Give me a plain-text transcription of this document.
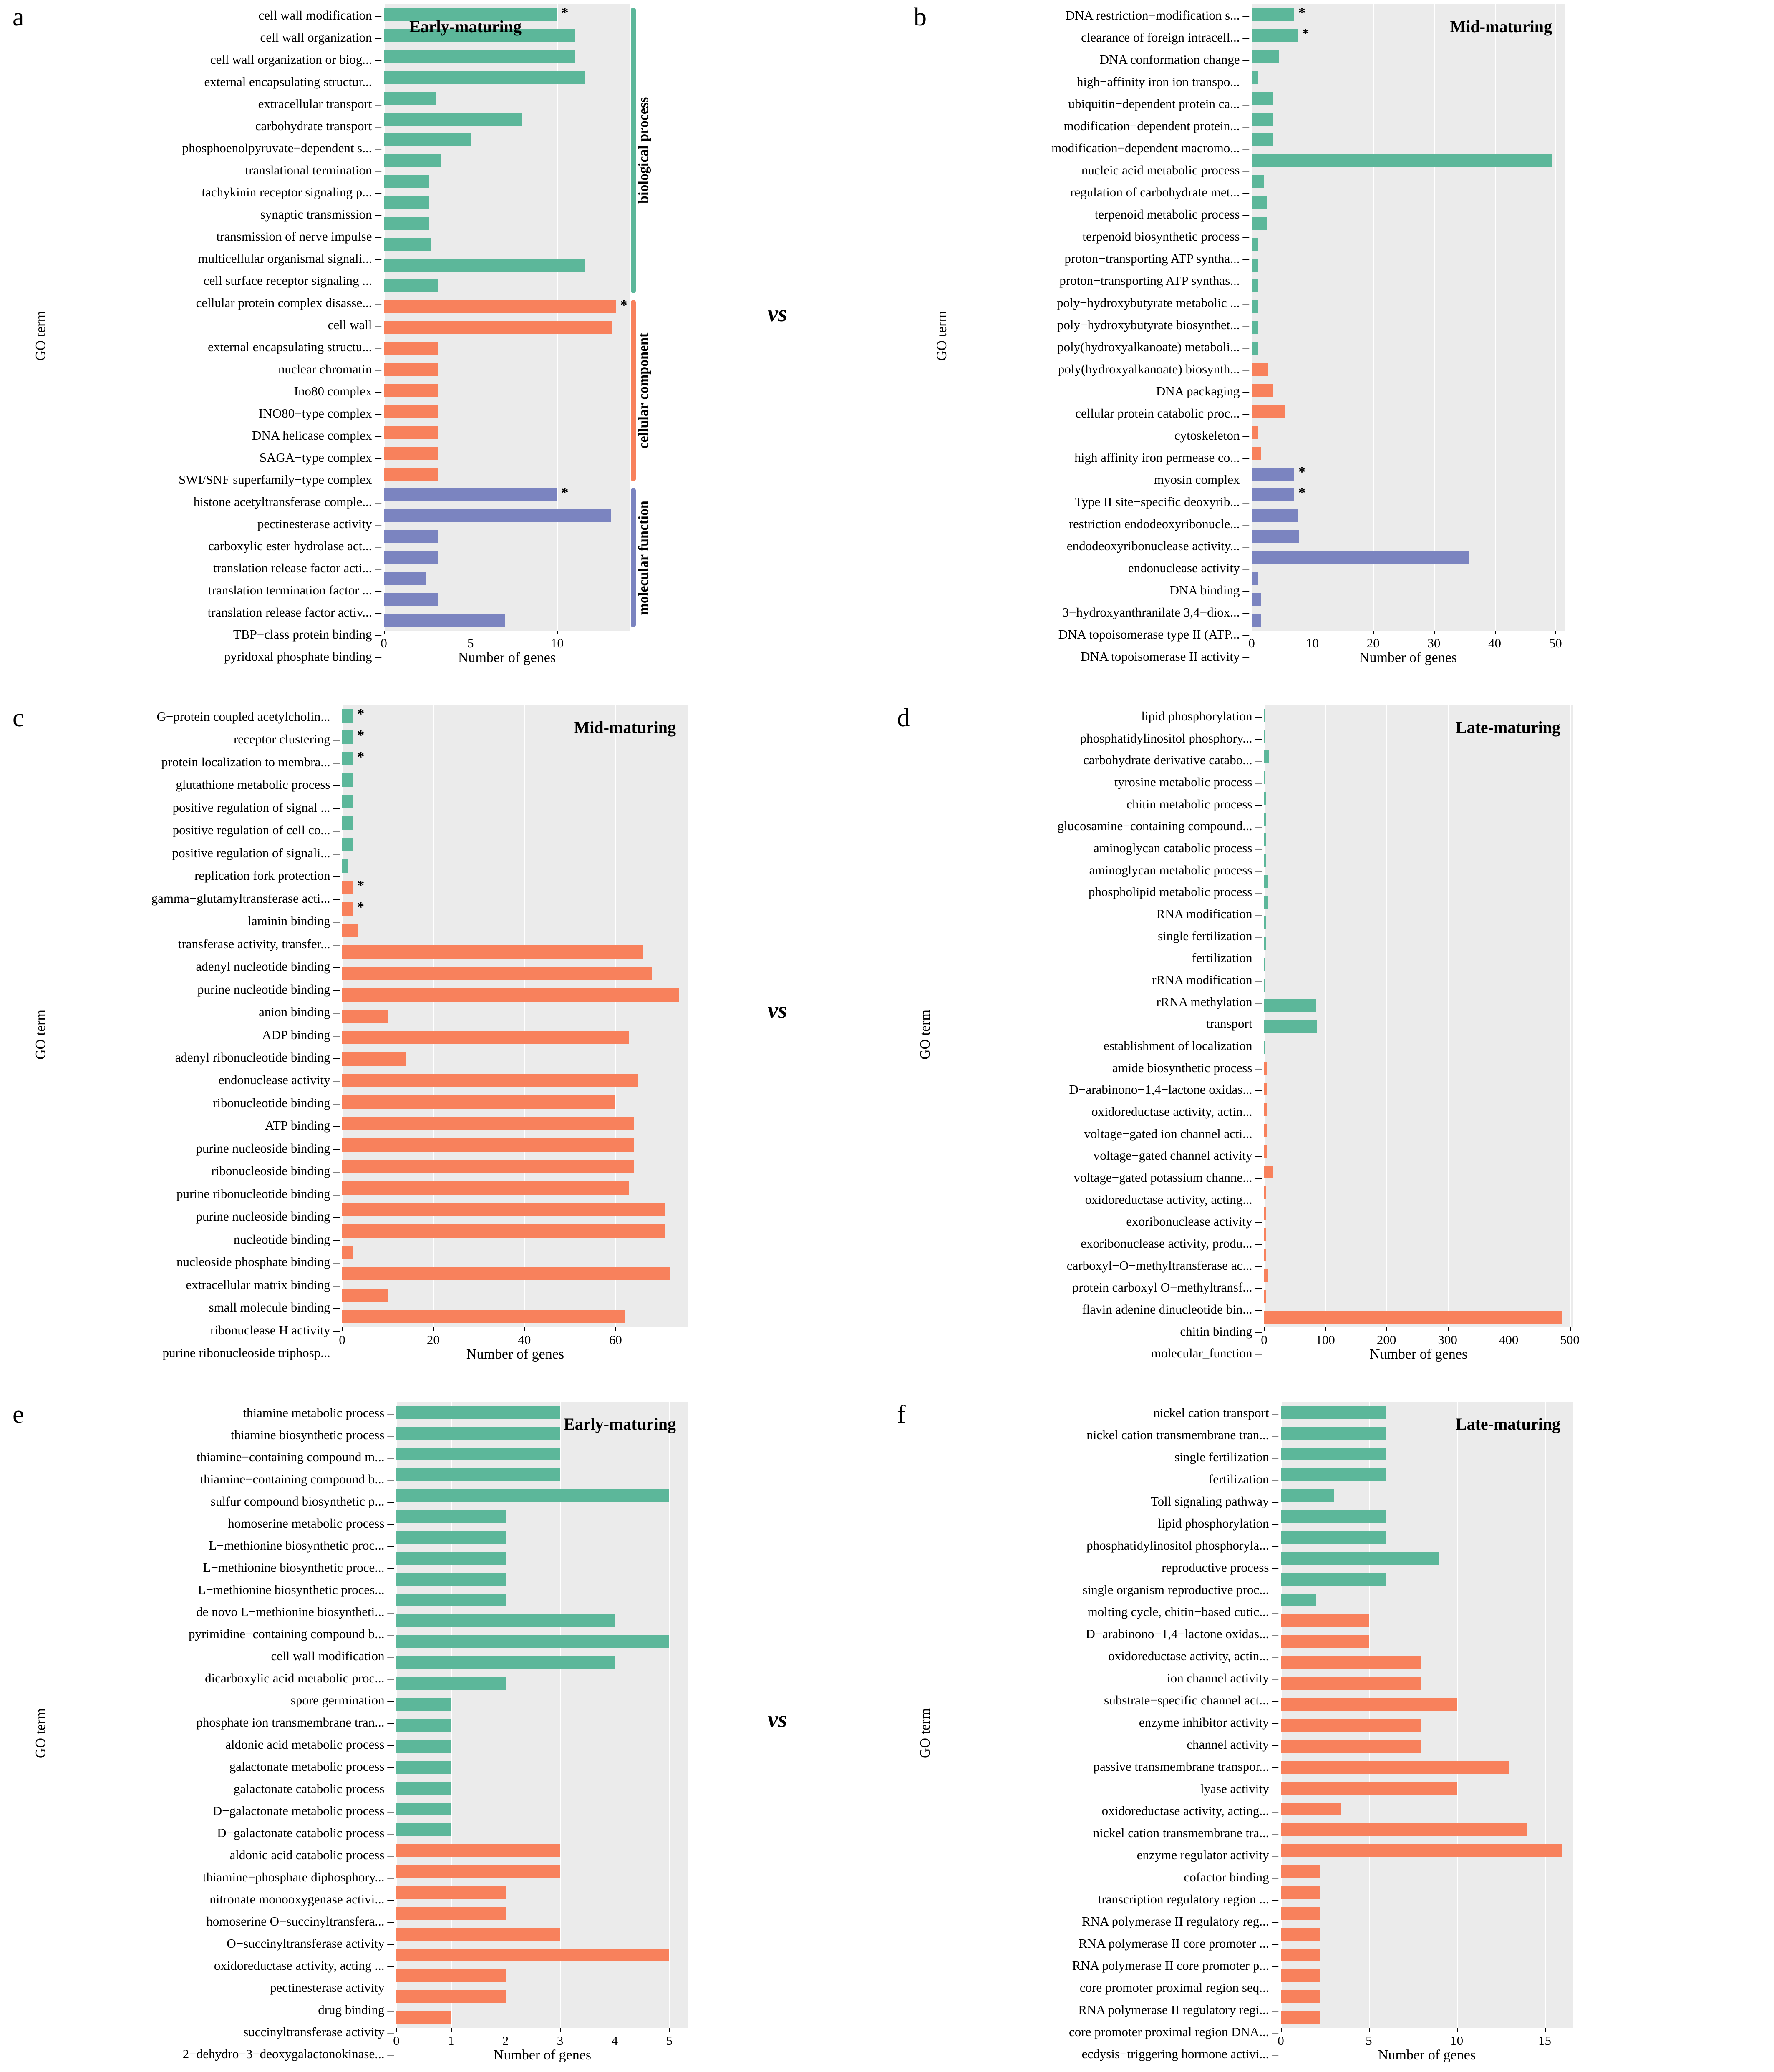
a
GO term
cell wall modification –
cell wall organization –
cell wall organization or biog... –
external encapsulating structur... –
extracellular transport –
carbohydrate transport –
phosphoenolpyruvate−dependent s... –
translational termination –
tachykinin receptor signaling p... –
synaptic transmission –
transmission of nerve impulse –
multicellular organismal signali... –
cell surface receptor signaling ... –
cellular protein complex disasse... –
cell wall –
external encapsulating structu... –
nuclear chromatin –
Ino80 complex –
INO80−type complex –
DNA helicase complex –
SAGA−type complex –
SWI/SNF superfamily−type complex –
histone acetyltransferase comple... –
pectinesterase activity –
carboxylic ester hydrolase act... –
translation release factor acti... –
translation termination factor ... –
translation release factor activ... –
TBP−class protein binding –
pyridoxal phosphate binding –
*
*
*
Early-maturing
0	5	10
Number of genes
biological process
cellular component
molecular function
b
GO term
DNA restriction−modification s... –
clearance of foreign intracell... –
DNA conformation change –
high−affinity iron ion transpo... –
ubiquitin−dependent protein ca... –
modification−dependent protein... –
modification−dependent macromo... –
nucleic acid metabolic process –
regulation of carbohydrate met... –
terpenoid metabolic process –
terpenoid biosynthetic process –
proton−transporting ATP syntha... –
proton−transporting ATP synthas... –
poly−hydroxybutyrate metabolic ... –
poly−hydroxybutyrate biosynthet... –
poly(hydroxyalkanoate) metaboli... –
poly(hydroxyalkanoate) biosynth... –
DNA packaging –
cellular protein catabolic proc... –
cytoskeleton –
high affinity iron permease co... –
myosin complex –
Type II site−specific deoxyrib... –
restriction endodeoxyribonucle... –
endodeoxyribonuclease activity... –
endonuclease activity –
DNA binding –
3−hydroxyanthranilate 3,4−diox... –
DNA topoisomerase type II (ATP... –
DNA topoisomerase II activity –
*
*
*
*
Mid-maturing
0	10	20	30	40	50
Number of genes
c
GO term
G−protein coupled acetylcholin... –
receptor clustering –
protein localization to membra... –
glutathione metabolic process –
positive regulation of signal ... –
positive regulation of cell co... –
positive regulation of signali... –
replication fork protection –
gamma−glutamyltransferase acti... –
laminin binding –
transferase activity, transfer... –
adenyl nucleotide binding –
purine nucleotide binding –
anion binding –
ADP binding –
adenyl ribonucleotide binding –
endonuclease activity –
ribonucleotide binding –
ATP binding –
purine nucleoside binding –
ribonucleoside binding –
purine ribonucleotide binding –
purine nucleoside binding –
nucleotide binding –
nucleoside phosphate binding –
extracellular matrix binding –
small molecule binding –
ribonuclease H activity –
purine ribonucleoside triphosp... –
*
*
*
*
*
Mid-maturing
0	20	40	60
Number of genes
d
GO term
lipid phosphorylation –
phosphatidylinositol phosphory... –
carbohydrate derivative catabo... –
tyrosine metabolic process –
chitin metabolic process –
glucosamine−containing compound... –
aminoglycan catabolic process –
aminoglycan metabolic process –
phospholipid metabolic process –
RNA modification –
single fertilization –
fertilization –
rRNA modification –
rRNA methylation –
transport –
establishment of localization –
amide biosynthetic process –
D−arabinono−1,4−lactone oxidas... –
oxidoreductase activity, actin... –
voltage−gated ion channel acti... –
voltage−gated channel activity –
voltage−gated potassium channe... –
oxidoreductase activity, acting... –
exoribonuclease activity –
exoribonuclease activity, produ... –
carboxyl−O−methyltransferase ac... –
protein carboxyl O−methyltransf... –
flavin adenine dinucleotide bin... –
chitin binding –
molecular_function –
Late-maturing
0	100	200	300	400	500
Number of genes
e
GO term
thiamine metabolic process –
thiamine biosynthetic process –
thiamine−containing compound m... –
thiamine−containing compound b... –
sulfur compound biosynthetic p... –
homoserine metabolic process –
L−methionine biosynthetic proc... –
L−methionine biosynthetic proce... –
L−methionine biosynthetic proces... –
de novo L−methionine biosyntheti... –
pyrimidine−containing compound b... –
cell wall modification –
dicarboxylic acid metabolic proc... –
spore germination –
phosphate ion transmembrane tran... –
aldonic acid metabolic process –
galactonate metabolic process –
galactonate catabolic process –
D−galactonate metabolic process –
D−galactonate catabolic process –
aldonic acid catabolic process –
thiamine−phosphate diphosphory... –
nitronate monooxygenase activi... –
homoserine O−succinyltransfera... –
O−succinyltransferase activity –
oxidoreductase activity, acting ... –
pectinesterase activity –
drug binding –
succinyltransferase activity –
2−dehydro−3−deoxygalactonokinase... –
Early-maturing
0	1	2	3	4	5
Number of genes
f
GO term
nickel cation transport –
nickel cation transmembrane tran... –
single fertilization –
fertilization –
Toll signaling pathway –
lipid phosphorylation –
phosphatidylinositol phosphoryla... –
reproductive process –
single organism reproductive proc... –
molting cycle, chitin−based cutic... –
D−arabinono−1,4−lactone oxidas... –
oxidoreductase activity, actin... –
ion channel activity –
substrate−specific channel act... –
enzyme inhibitor activity –
channel activity –
passive transmembrane transpor... –
lyase activity –
oxidoreductase activity, acting... –
nickel cation transmembrane tra... –
enzyme regulator activity –
cofactor binding –
transcription regulatory region ... –
RNA polymerase II regulatory reg... –
RNA polymerase II core promoter ... –
RNA polymerase II core promoter p... –
core promoter proximal region seq... –
RNA polymerase II regulatory regi... –
core promoter proximal region DNA... –
ecdysis−triggering hormone activi... –
Late-maturing
0	5	10	15
Number of genes
vs
vs
vs
